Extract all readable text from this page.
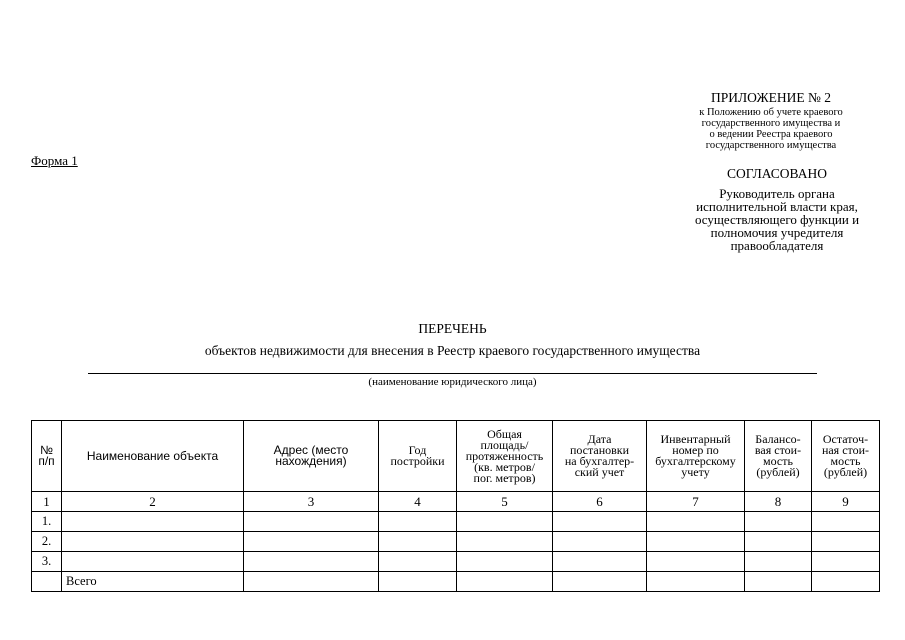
Форма 1
ПРИЛОЖЕНИЕ № 2
к Положению об учете краевого
государственного имущества и
о ведении Реестра краевого
государственного имущества
СОГЛАСОВАНО
Руководитель органа
исполнительной власти края,
осуществляющего функции и
полномочия учредителя
правообладателя
ПЕРЕЧЕНЬ
объектов недвижимости для внесения в Реестр краевого государственного имущества
(наименование юридического лица)
№
п/п	Наименование объекта	Адрес (место
нахождения)	Год
постройки	Общая
площадь/
протяженность
(кв. метров/
пог. метров)	Дата
постановки
на бухгалтер-
ский учет	Инвентарный
номер по
бухгалтерскому
учету	Балансо-
вая стои-
мость
(рублей)	Остаточ-
ная стои-
мость
(рублей)
1	2	3	4	5	6	7	8	9
1.								
2.								
3.								
	Всего							
